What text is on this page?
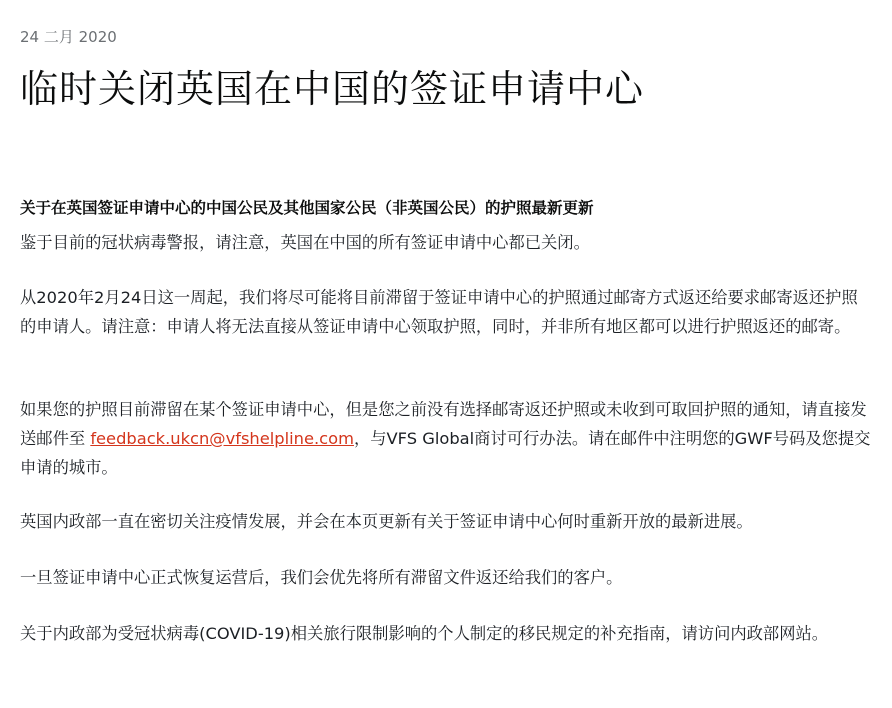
24 二月 2020
临时关闭英国在中国的签证申请中心
关于在英国签证申请中心的中国公民及其他国家公民（非英国公民）的护照最新更新

鉴于目前的冠状病毒警报，请注意，英国在中国的所有签证申请中心都已关闭。

从2020年2月24日这一周起，我们将尽可能将目前滞留于签证申请中心的护照通过邮寄方式返还给要求邮寄返还护照的申请人。请注意：申请人将无法直接从签证申请中心领取护照，同时，并非所有地区都可以进行护照返还的邮寄。

如果您的护照目前滞留在某个签证申请中心，但是您之前没有选择邮寄返还护照或未收到可取回护照的通知，请直接发送邮件至 feedback.ukcn@vfshelpline.com，与VFS Global商讨可行办法。请在邮件中注明您的GWF号码及您提交申请的城市。

英国内政部一直在密切关注疫情发展，并会在本页更新有关于签证申请中心何时重新开放的最新进展。

一旦签证申请中心正式恢复运营后，我们会优先将所有滞留文件返还给我们的客户。

关于内政部为受冠状病毒(COVID-19)相关旅行限制影响的个人制定的移民规定的补充指南，请访问内政部网站。
